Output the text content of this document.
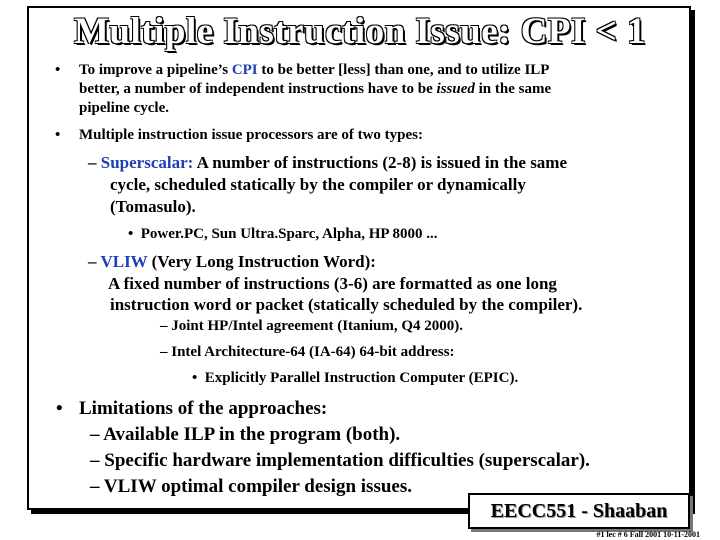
Multiple Instruction Issue: CPI < 1
• To improve a pipeline’s CPI to be better [less] than one, and to utilize ILP
better, a number of independent instructions have to be issued in the same
pipeline cycle.
• Multiple instruction issue processors are of two types:
– Superscalar: A number of instructions (2-8) is issued in the same
cycle, scheduled statically by the compiler or dynamically
(Tomasulo).
• Power.PC, Sun Ultra.Sparc, Alpha, HP 8000 ...
– VLIW (Very Long Instruction Word):
A fixed number of instructions (3-6) are formatted as one long
instruction word or packet (statically scheduled by the compiler).
– Joint HP/Intel agreement (Itanium, Q4 2000).
– Intel Architecture-64 (IA-64) 64-bit address:
• Explicitly Parallel Instruction Computer (EPIC).
• Limitations of the approaches:
– Available ILP in the program (both).
– Specific hardware implementation difficulties (superscalar).
– VLIW optimal compiler design issues.
EECC551 - Shaaban
#1 lec # 6 Fall 2001 10-11-2001
